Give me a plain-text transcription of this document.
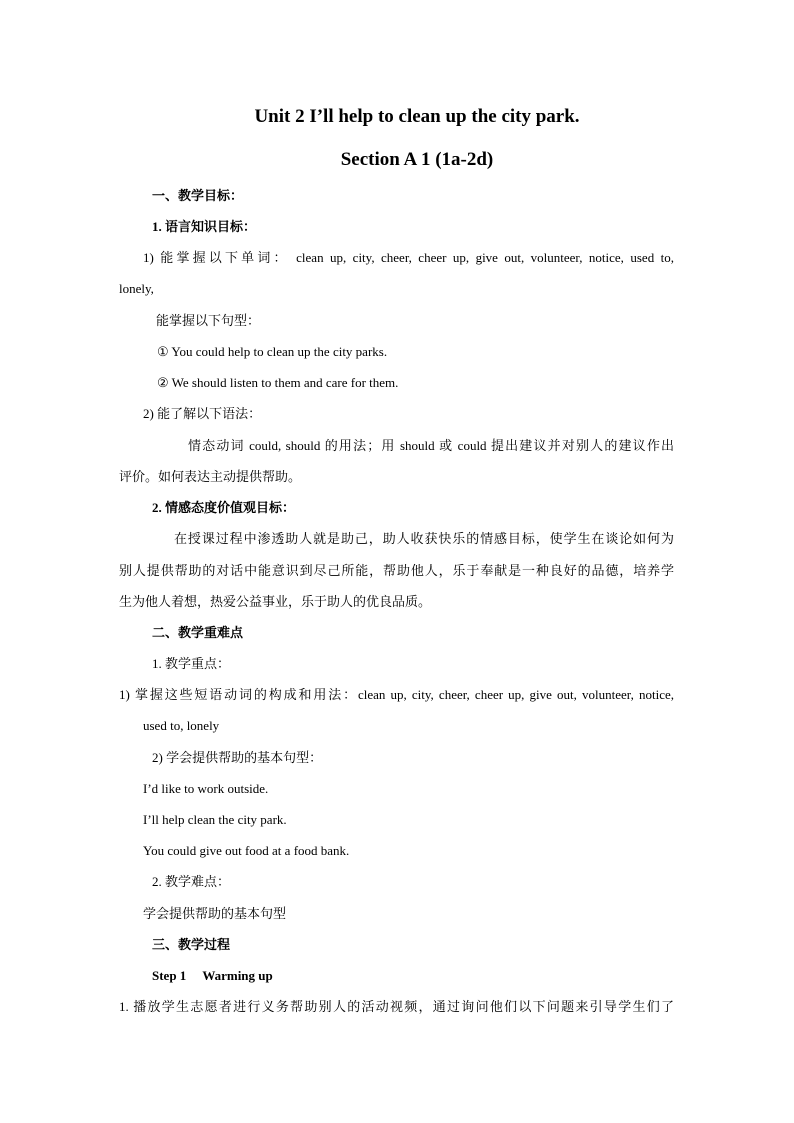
Unit 2 I’ll help to clean up the city park.
Section A 1 (1a-2d)
一、教学目标：
1. 语言知识目标：
1) 能掌握以下单词： clean up, city, cheer, cheer up, give out, volunteer, notice, used to,
lonely,
能掌握以下句型：
① You could help to clean up the city parks.
② We should listen to them and care for them.
2) 能了解以下语法：
情态动词 could, should 的用法；用 should 或 could 提出建议并对别人的建议作出
评价。如何表达主动提供帮助。
2. 情感态度价值观目标：
在授课过程中渗透助人就是助己，助人收获快乐的情感目标，使学生在谈论如何为
别人提供帮助的对话中能意识到尽己所能，帮助他人，乐于奉献是一种良好的品德，培养学
生为他人着想，热爱公益事业，乐于助人的优良品质。
二、教学重难点
1. 教学重点：
1) 掌握这些短语动词的构成和用法：clean up, city, cheer, cheer up, give out, volunteer, notice,
used to, lonely
2) 学会提供帮助的基本句型：
I’d like to work outside.
I’ll help clean the city park.
You could give out food at a food bank.
2. 教学难点：
学会提供帮助的基本句型
三、教学过程
Step 1 Warming up
1. 播放学生志愿者进行义务帮助别人的活动视频，通过询问他们以下问题来引导学生们了
